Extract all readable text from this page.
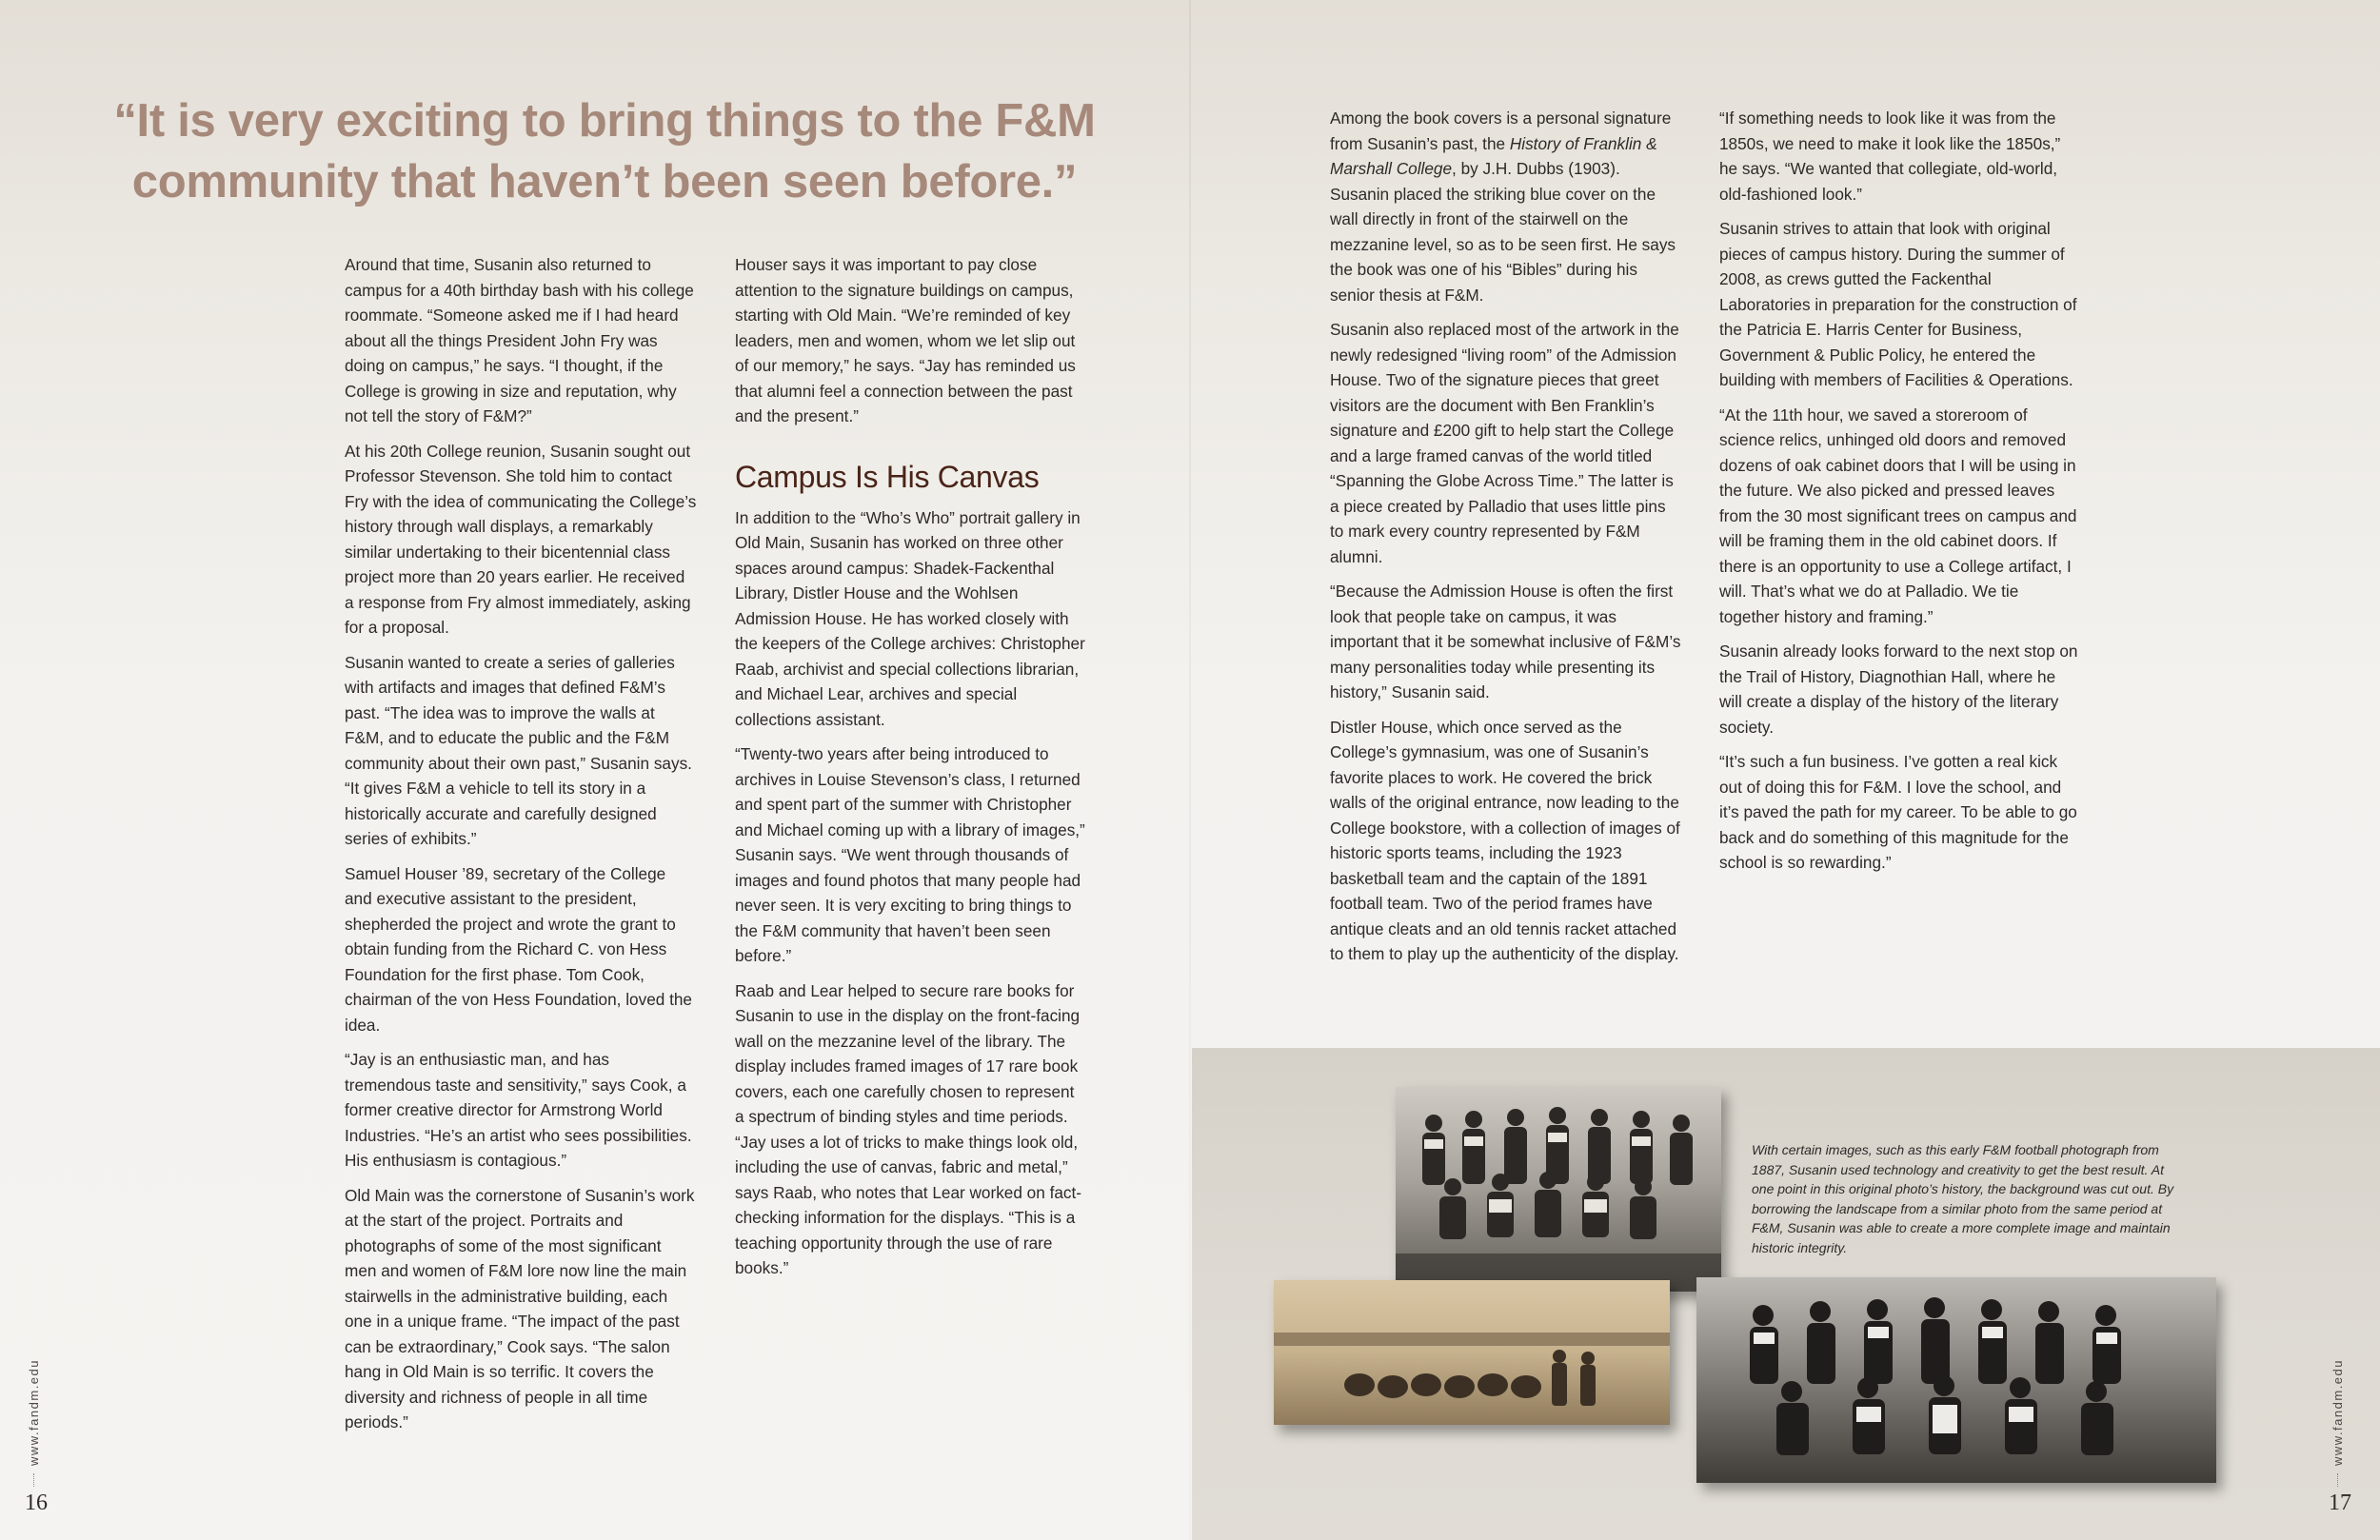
“It is very exciting to bring things to the F&M community that haven’t been seen before.”

Around that time, Susanin also returned to campus for a 40th birthday bash with his college roommate. “Someone asked me if I had heard about all the things President John Fry was doing on campus,” he says. “I thought, if the College is growing in size and reputation, why not tell the story of F&M?”

At his 20th College reunion, Susanin sought out Professor Stevenson. She told him to contact Fry with the idea of communicating the College’s history through wall displays, a remarkably similar undertaking to their bicentennial class project more than 20 years earlier. He received a response from Fry almost immediately, asking for a proposal.

Susanin wanted to create a series of galleries with artifacts and images that defined F&M’s past. “The idea was to improve the walls at F&M, and to educate the public and the F&M community about their own past,” Susanin says. “It gives F&M a vehicle to tell its story in a historically accurate and carefully designed series of exhibits.”

Samuel Houser ’89, secretary of the College and executive assistant to the president, shepherded the project and wrote the grant to obtain funding from the Richard C. von Hess Foundation for the first phase. Tom Cook, chairman of the von Hess Foundation, loved the idea.

“Jay is an enthusiastic man, and has tremendous taste and sensitivity,” says Cook, a former creative director for Armstrong World Industries. “He’s an artist who sees possibilities. His enthusiasm is contagious.”

Old Main was the cornerstone of Susanin’s work at the start of the project. Portraits and photographs of some of the most significant men and women of F&M lore now line the main stairwells in the administrative building, each one in a unique frame. “The impact of the past can be extraordinary,” Cook says. “The salon hang in Old Main is so terrific. It covers the diversity and richness of people in all time periods.”

Houser says it was important to pay close attention to the signature buildings on campus, starting with Old Main. “We’re reminded of key leaders, men and women, whom we let slip out of our memory,” he says. “Jay has reminded us that alumni feel a connection between the past and the present.”

Campus Is His Canvas

In addition to the “Who’s Who” portrait gallery in Old Main, Susanin has worked on three other spaces around campus: Shadek-Fackenthal Library, Distler House and the Wohlsen Admission House. He has worked closely with the keepers of the College archives: Christopher Raab, archivist and special collections librarian, and Michael Lear, archives and special collections assistant.

“Twenty-two years after being introduced to archives in Louise Stevenson’s class, I returned and spent part of the summer with Christopher and Michael coming up with a library of images,” Susanin says. “We went through thousands of images and found photos that many people had never seen. It is very exciting to bring things to the F&M community that haven’t been seen before.”

Raab and Lear helped to secure rare books for Susanin to use in the display on the front-facing wall on the mezzanine level of the library. The display includes framed images of 17 rare book covers, each one carefully chosen to represent a spectrum of binding styles and time periods. “Jay uses a lot of tricks to make things look old, including the use of canvas, fabric and metal,” says Raab, who notes that Lear worked on fact-checking information for the displays. “This is a teaching opportunity through the use of rare books.”

Among the book covers is a personal signature from Susanin’s past, the History of Franklin & Marshall College, by J.H. Dubbs (1903). Susanin placed the striking blue cover on the wall directly in front of the stairwell on the mezzanine level, so as to be seen first. He says the book was one of his “Bibles” during his senior thesis at F&M.

Susanin also replaced most of the artwork in the newly redesigned “living room” of the Admission House. Two of the signature pieces that greet visitors are the document with Ben Franklin’s signature and £200 gift to help start the College and a large framed canvas of the world titled “Spanning the Globe Across Time.” The latter is a piece created by Palladio that uses little pins to mark every country represented by F&M alumni.

“Because the Admission House is often the first look that people take on campus, it was important that it be somewhat inclusive of F&M’s many personalities today while presenting its history,” Susanin said.

Distler House, which once served as the College’s gymnasium, was one of Susanin’s favorite places to work. He covered the brick walls of the original entrance, now leading to the College bookstore, with a collection of images of historic sports teams, including the 1923 basketball team and the captain of the 1891 football team. Two of the period frames have antique cleats and an old tennis racket attached to them to play up the authenticity of the display.

“If something needs to look like it was from the 1850s, we need to make it look like the 1850s,” he says. “We wanted that collegiate, old-world, old-fashioned look.”

Susanin strives to attain that look with original pieces of campus history. During the summer of 2008, as crews gutted the Fackenthal Laboratories in preparation for the construction of the Patricia E. Harris Center for Business, Government & Public Policy, he entered the building with members of Facilities & Operations.

“At the 11th hour, we saved a storeroom of science relics, unhinged old doors and removed dozens of oak cabinet doors that I will be using in the future. We also picked and pressed leaves from the 30 most significant trees on campus and will be framing them in the old cabinet doors. If there is an opportunity to use a College artifact, I will. That’s what we do at Palladio. We tie together history and framing.”

Susanin already looks forward to the next stop on the Trail of History, Diagnothian Hall, where he will create a display of the history of the literary society.

“It’s such a fun business. I’ve gotten a real kick out of doing this for F&M. I love the school, and it’s paved the path for my career. To be able to go back and do something of this magnitude for the school is so rewarding.”

With certain images, such as this early F&M football photograph from 1887, Susanin used technology and creativity to get the best result. At one point in this original photo’s history, the background was cut out. By borrowing the landscape from a similar photo from the same period at F&M, Susanin was able to create a more complete image and maintain historic integrity.
www.fandm.edu
16
www.fandm.edu
17
